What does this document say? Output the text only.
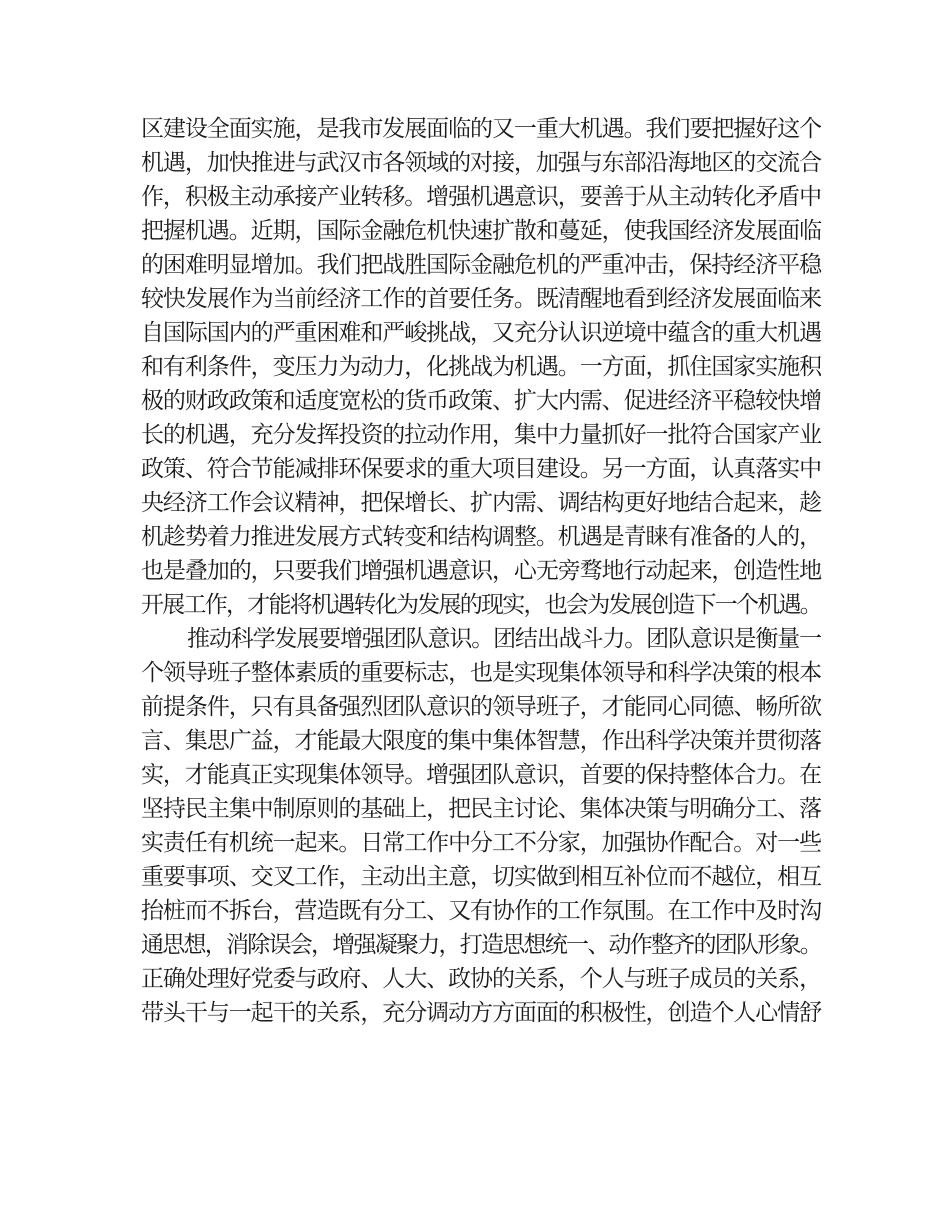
区建设全面实施，是我市发展面临的又一重大机遇。我们要把握好这个
机遇，加快推进与武汉市各领域的对接，加强与东部沿海地区的交流合
作，积极主动承接产业转移。增强机遇意识，要善于从主动转化矛盾中
把握机遇。近期，国际金融危机快速扩散和蔓延，使我国经济发展面临
的困难明显增加。我们把战胜国际金融危机的严重冲击，保持经济平稳
较快发展作为当前经济工作的首要任务。既清醒地看到经济发展面临来
自国际国内的严重困难和严峻挑战，又充分认识逆境中蕴含的重大机遇
和有利条件，变压力为动力，化挑战为机遇。一方面，抓住国家实施积
极的财政政策和适度宽松的货币政策、扩大内需、促进经济平稳较快增
长的机遇，充分发挥投资的拉动作用，集中力量抓好一批符合国家产业
政策、符合节能减排环保要求的重大项目建设。另一方面，认真落实中
央经济工作会议精神，把保增长、扩内需、调结构更好地结合起来，趁
机趁势着力推进发展方式转变和结构调整。机遇是青睐有准备的人的，
也是叠加的，只要我们增强机遇意识，心无旁骛地行动起来，创造性地
开展工作，才能将机遇转化为发展的现实，也会为发展创造下一个机遇。
推动科学发展要增强团队意识。团结出战斗力。团队意识是衡量一
个领导班子整体素质的重要标志，也是实现集体领导和科学决策的根本
前提条件，只有具备强烈团队意识的领导班子，才能同心同德、畅所欲
言、集思广益，才能最大限度的集中集体智慧，作出科学决策并贯彻落
实，才能真正实现集体领导。增强团队意识，首要的保持整体合力。在
坚持民主集中制原则的基础上，把民主讨论、集体决策与明确分工、落
实责任有机统一起来。日常工作中分工不分家，加强协作配合。对一些
重要事项、交叉工作，主动出主意，切实做到相互补位而不越位，相互
抬桩而不拆台，营造既有分工、又有协作的工作氛围。在工作中及时沟
通思想，消除误会，增强凝聚力，打造思想统一、动作整齐的团队形象。
正确处理好党委与政府、人大、政协的关系，个人与班子成员的关系，
带头干与一起干的关系，充分调动方方面面的积极性，创造个人心情舒
